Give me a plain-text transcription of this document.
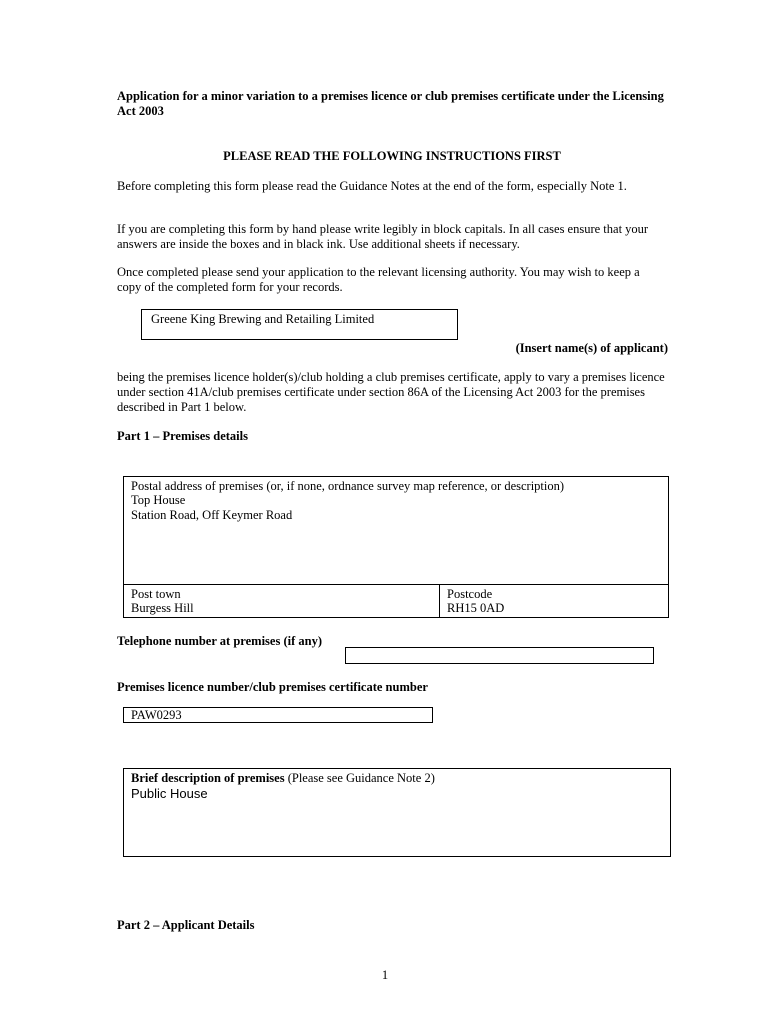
Application for a minor variation to a premises licence or club premises certificate under the Licensing Act 2003
PLEASE READ THE FOLLOWING INSTRUCTIONS FIRST
Before completing this form please read the Guidance Notes at the end of the form, especially Note 1.
If you are completing this form by hand please write legibly in block capitals. In all cases ensure that your answers are inside the boxes and in black ink. Use additional sheets if necessary.
Once completed please send your application to the relevant licensing authority. You may wish to keep a copy of the completed form for your records.
Greene King Brewing and Retailing Limited
(Insert name(s) of applicant)
being the premises licence holder(s)/club holding a club premises certificate, apply to vary a premises licence under section 41A/club premises certificate under section 86A of the Licensing Act 2003 for the premises described in Part 1 below.
Part 1 – Premises details
Postal address of premises (or, if none, ordnance survey map reference, or description)
Top House
Station Road, Off Keymer Road
Post town
Burgess Hill
Postcode
RH15 0AD
Telephone number at premises (if any)
Premises licence number/club premises certificate number
PAW0293
Brief description of premises (Please see Guidance Note 2)
Public House
Part 2 – Applicant Details
1
